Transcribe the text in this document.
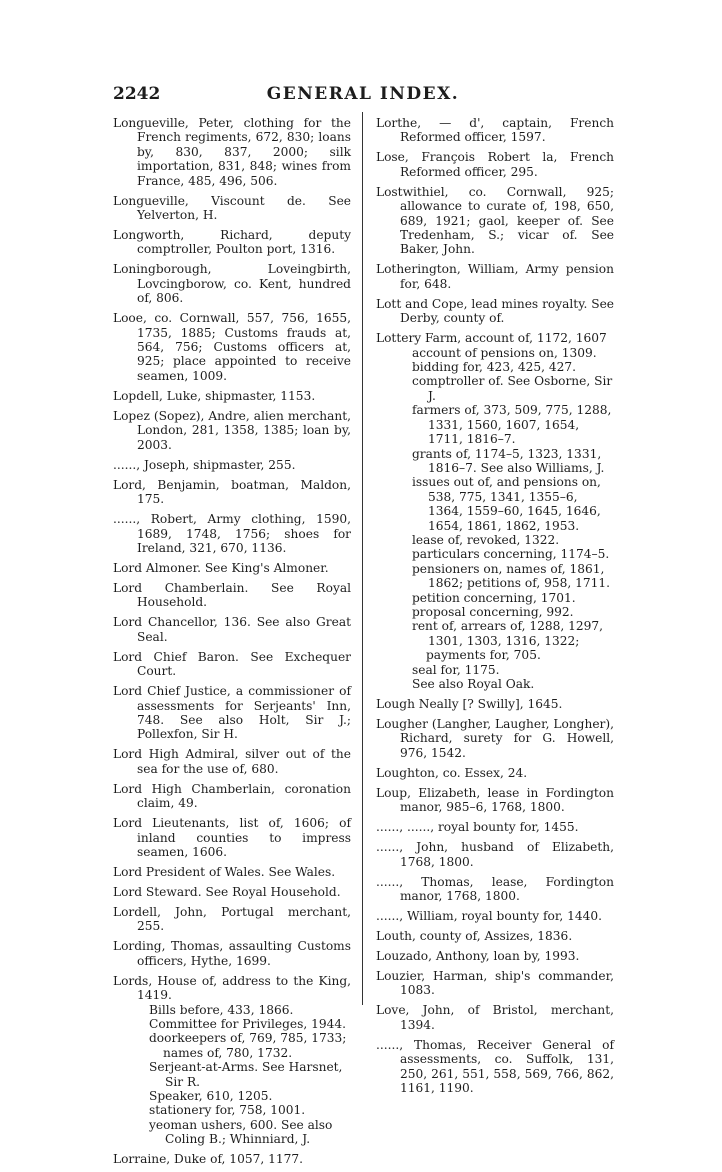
2242	GENERAL INDEX.

Longueville, Peter, clothing for the French regiments, 672, 830; loans by, 830, 837, 2000; silk importation, 831, 848; wines from France, 485, 496, 506.

Longueville, Viscount de. See Yelverton, H.

Longworth, Richard, deputy comptroller, Poulton port, 1316.

Loningborough, Loveingbirth, Lovcingborow, co. Kent, hundred of, 806.

Looe, co. Cornwall, 557, 756, 1655, 1735, 1885; Customs frauds at, 564, 756; Customs officers at, 925; place appointed to receive seamen, 1009.

Lopdell, Luke, shipmaster, 1153.

Lopez (Sopez), Andre, alien merchant, London, 281, 1358, 1385; loan by, 2003.

......, Joseph, shipmaster, 255.

Lord, Benjamin, boatman, Maldon, 175.

......, Robert, Army clothing, 1590, 1689, 1748, 1756; shoes for Ireland, 321, 670, 1136.

Lord Almoner. See King's Almoner.

Lord Chamberlain. See Royal Household.

Lord Chancellor, 136. See also Great Seal.

Lord Chief Baron. See Exchequer Court.

Lord Chief Justice, a commissioner of assessments for Serjeants' Inn, 748. See also Holt, Sir J.; Pollexfon, Sir H.

Lord High Admiral, silver out of the sea for the use of, 680.

Lord High Chamberlain, coronation claim, 49.

Lord Lieutenants, list of, 1606; of inland counties to impress seamen, 1606.

Lord President of Wales. See Wales.

Lord Steward. See Royal Household.

Lordell, John, Portugal merchant, 255.

Lording, Thomas, assaulting Customs officers, Hythe, 1699.

Lords, House of, address to the King, 1419.

Bills before, 433, 1866.

Committee for Privileges, 1944.

doorkeepers of, 769, 785, 1733;

names of, 780, 1732.

Serjeant-at-Arms. See Harsnet, Sir R.

Speaker, 610, 1205.

stationery for, 758, 1001.

yeoman ushers, 600. See also Coling B.; Whinniard, J.

Lorraine, Duke of, 1057, 1177.

Lorthe, — d', captain, French Reformed officer, 1597.

Lose, François Robert la, French Reformed officer, 295.

Lostwithiel, co. Cornwall, 925; allowance to curate of, 198, 650, 689, 1921; gaol, keeper of. See Tredenham, S.; vicar of. See Baker, John.

Lotherington, William, Army pension for, 648.

Lott and Cope, lead mines royalty. See Derby, county of.

Lottery Farm, account of, 1172, 1607

account of pensions on, 1309.

bidding for, 423, 425, 427.

comptroller of. See Osborne, Sir J.

farmers of, 373, 509, 775, 1288, 1331, 1560, 1607, 1654, 1711, 1816–7.

grants of, 1174–5, 1323, 1331, 1816–7. See also Williams, J.

issues out of, and pensions on, 538, 775, 1341, 1355–6, 1364, 1559–60, 1645, 1646, 1654, 1861, 1862, 1953.

lease of, revoked, 1322.

particulars concerning, 1174–5.

pensioners on, names of, 1861, 1862; petitions of, 958, 1711.

petition concerning, 1701.

proposal concerning, 992.

rent of, arrears of, 1288, 1297, 1301, 1303, 1316, 1322;

payments for, 705.

seal for, 1175.

See also Royal Oak.

Lough Neally [? Swilly], 1645.

Lougher (Langher, Laugher, Longher), Richard, surety for G. Howell, 976, 1542.

Loughton, co. Essex, 24.

Loup, Elizabeth, lease in Fordington manor, 985–6, 1768, 1800.

......, ......, royal bounty for, 1455.

......, John, husband of Elizabeth, 1768, 1800.

......, Thomas, lease, Fordington manor, 1768, 1800.

......, William, royal bounty for, 1440.

Louth, county of, Assizes, 1836.

Louzado, Anthony, loan by, 1993.

Louzier, Harman, ship's commander, 1083.

Love, John, of Bristol, merchant, 1394.

......, Thomas, Receiver General of assessments, co. Suffolk, 131, 250, 261, 551, 558, 569, 766, 862, 1161, 1190.
